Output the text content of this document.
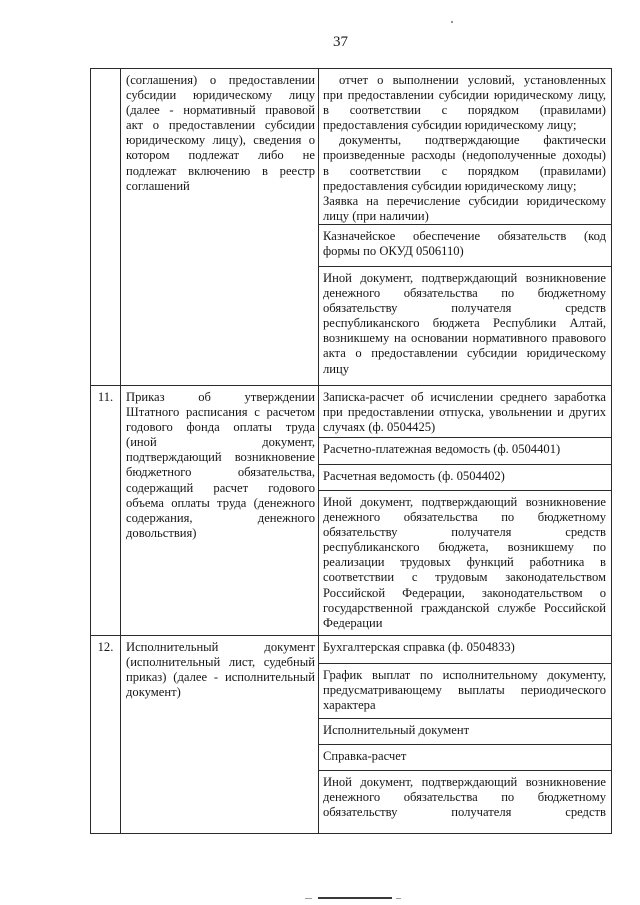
37
(соглашения) о предоставлении
субсидии юридическому лицу
(далее - нормативный правовой
акт о предоставлении субсидии
юридическому лицу), сведения о
котором подлежат либо не
подлежат включению в реестр
соглашений
отчет о выполнении условий, установленных
при предоставлении субсидии юридическому лицу,
в соответствии с порядком (правилами)
предоставления субсидии юридическому лицу;
документы, подтверждающие фактически
произведенные расходы (недополученные доходы)
в соответствии с порядком (правилами)
предоставления субсидии юридическому лицу;
Заявка на перечисление субсидии юридическому
лицу (при наличии)
Казначейское обеспечение обязательств (код
формы по ОКУД 0506110)
Иной документ, подтверждающий возникновение
денежного обязательства по бюджетному
обязательству получателя средств
республиканского бюджета Республики Алтай,
возникшему на основании нормативного правового
акта о предоставлении субсидии юридическому
лицу
11.	Приказ об утверждении
Штатного расписания с расчетом
годового фонда оплаты труда
(иной документ,
подтверждающий возникновение
бюджетного обязательства,
содержащий расчет годового
объема оплаты труда (денежного
содержания, денежного
довольствия)
Записка-расчет об исчислении среднего заработка
при предоставлении отпуска, увольнении и других
случаях (ф. 0504425)
Расчетно-платежная ведомость (ф. 0504401)
Расчетная ведомость (ф. 0504402)
Иной документ, подтверждающий возникновение
денежного обязательства по бюджетному
обязательству получателя средств
республиканского бюджета, возникшему по
реализации трудовых функций работника в
соответствии с трудовым законодательством
Российской Федерации, законодательством о
государственной гражданской службе Российской
Федерации
12.	Исполнительный документ
(исполнительный лист, судебный
приказ) (далее - исполнительный
документ)
Бухгалтерская справка (ф. 0504833)
График выплат по исполнительному документу,
предусматривающему выплаты периодического
характера
Исполнительный документ
Справка-расчет
Иной документ, подтверждающий возникновение
денежного обязательства по бюджетному
обязательству получателя средств
